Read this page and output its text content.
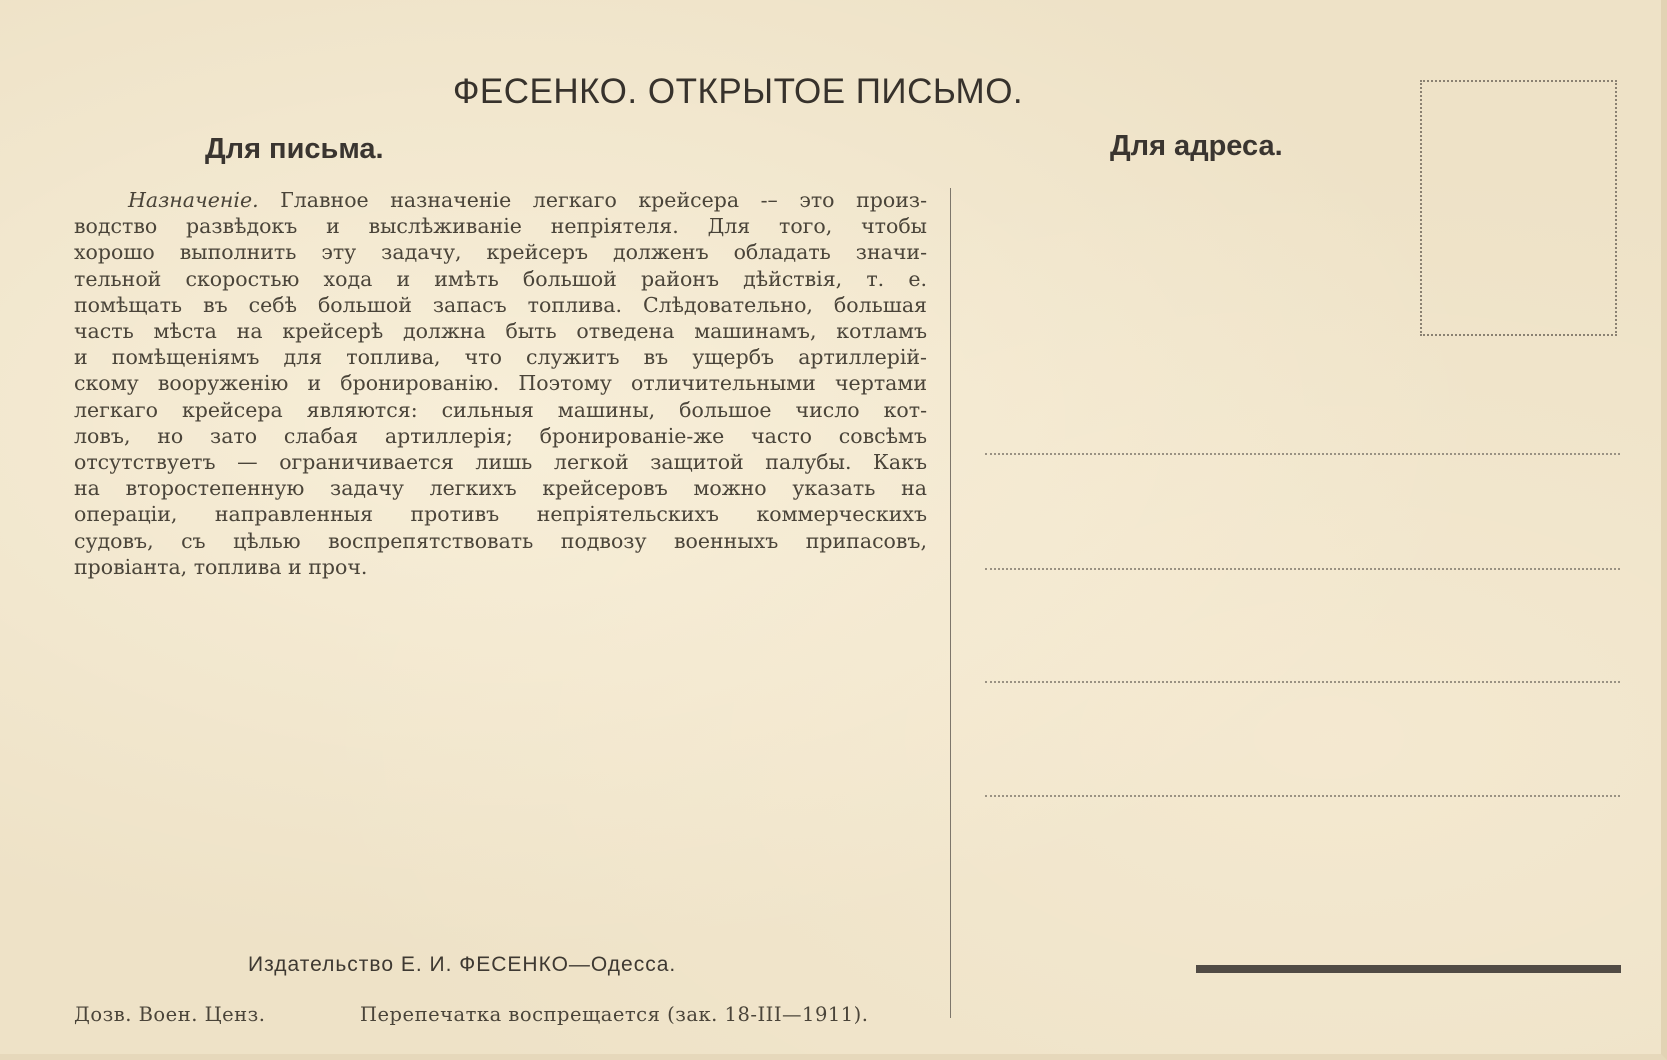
ФЕСЕНКО. ОТКРЫТОЕ ПИСЬМО.
Для письма.	Для адреса.
Назначеніе. Главное назначеніе легкаго крейсера -– это произ-
водство развѣдокъ и выслѣживаніе непріятеля. Для того, чтобы
хорошо выполнить эту задачу, крейсеръ долженъ обладать значи-
тельной скоростью хода и имѣть большой районъ дѣйствія, т. е.
помѣщать въ себѣ большой запасъ топлива. Слѣдовательно, большая
часть мѣста на крейсерѣ должна быть отведена машинамъ, котламъ
и помѣщеніямъ для топлива, что служитъ въ ущербъ артиллерій-
скому вооруженію и бронированію. Поэтому отличительными чертами
легкаго крейсера являются: сильныя машины, большое число кот-
ловъ, но зато слабая артиллерія; бронированіе-же часто совсѣмъ
отсутствуетъ — ограничивается лишь легкой защитой палубы. Какъ
на второстепенную задачу легкихъ крейсеровъ можно указать на
операціи, направленныя противъ непріятельскихъ коммерческихъ
судовъ, съ цѣлью воспрепятствовать подвозу военныхъ припасовъ,
провіанта, топлива и проч.
Издательство Е. И. ФЕСЕНКО—Одесса.
Дозв. Воен. Ценз.	Перепечатка воспрещается (зак. 18-III—1911).
